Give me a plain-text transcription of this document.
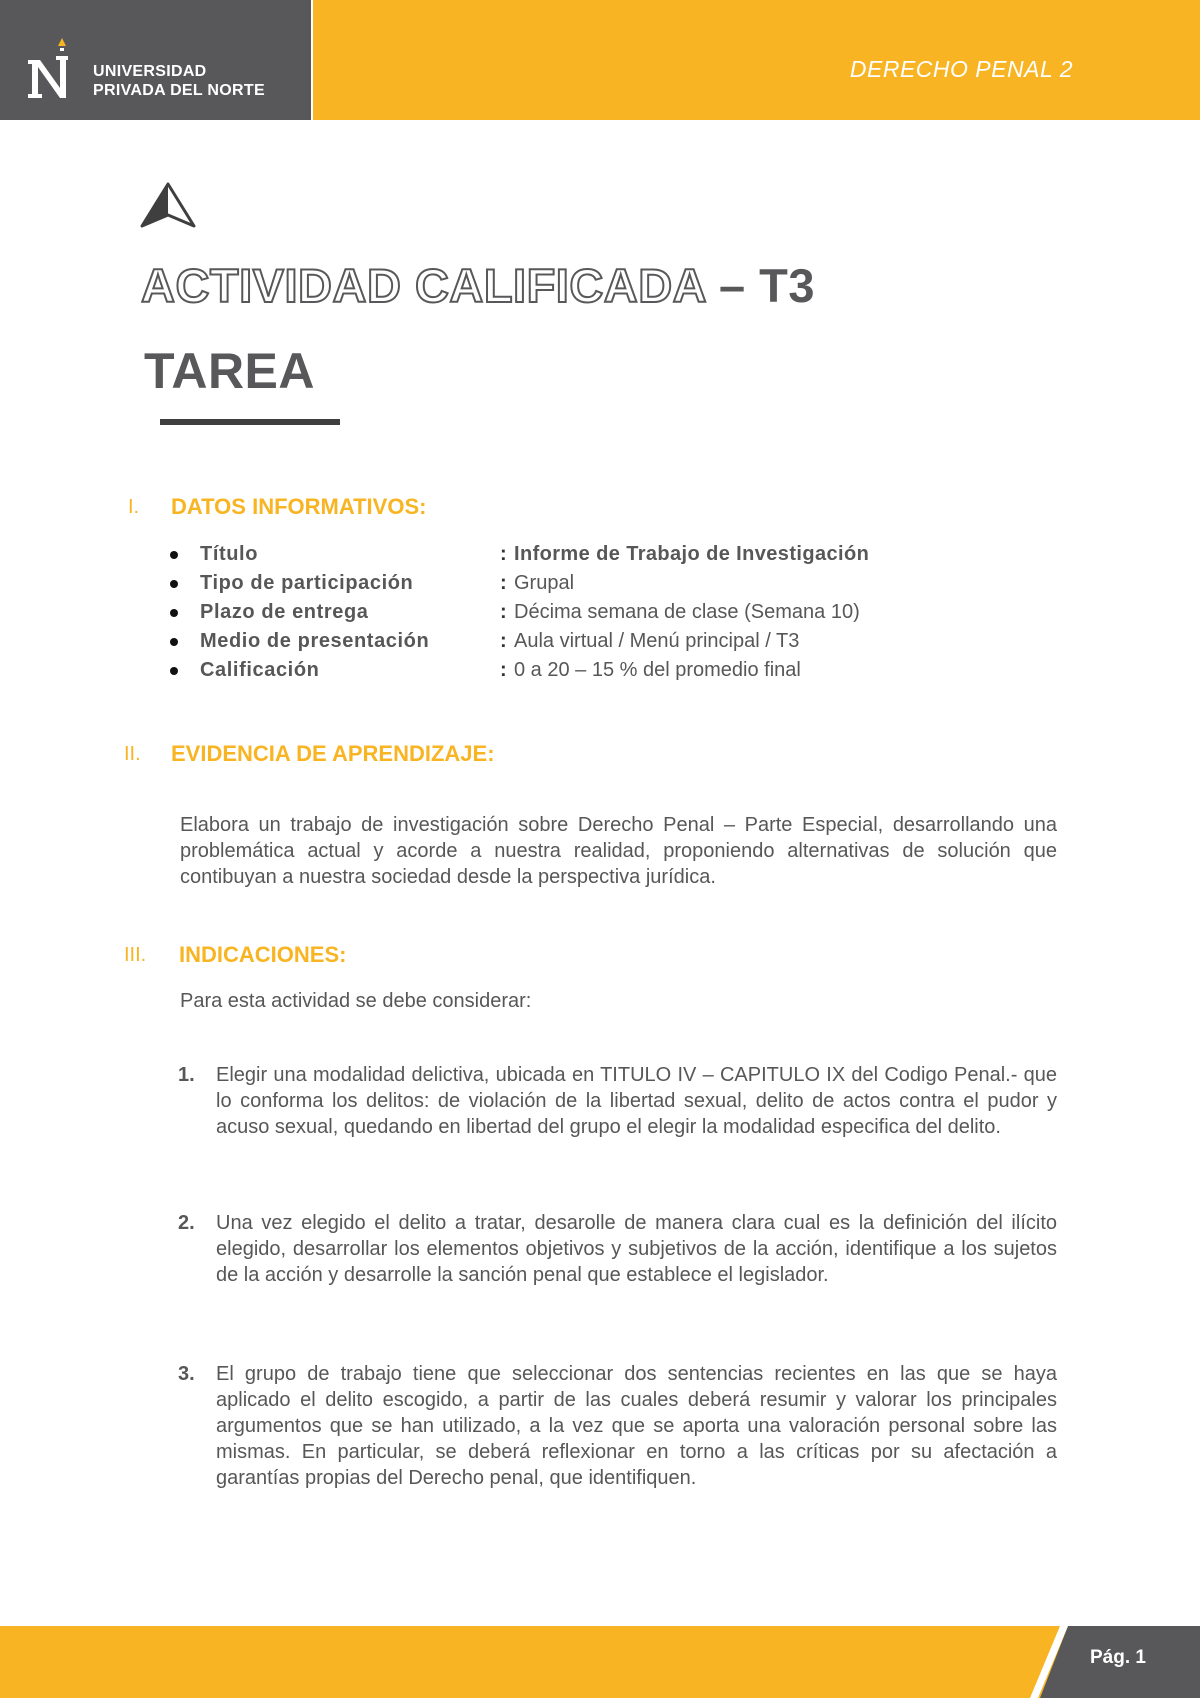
UNIVERSIDAD
PRIVADA DEL NORTE
DERECHO PENAL 2
ACTIVIDAD CALIFICADA – T3
TAREA
I. DATOS INFORMATIVOS:
Título	: Informe de Trabajo de Investigación
Tipo de participación	: Grupal
Plazo de entrega	: Décima semana de clase (Semana 10)
Medio de presentación	: Aula virtual / Menú principal / T3
Calificación	: 0 a 20 – 15 % del promedio final
II. EVIDENCIA DE APRENDIZAJE:
Elabora un trabajo de investigación sobre Derecho Penal – Parte Especial, desarrollando una problemática actual y acorde a nuestra realidad, proponiendo alternativas de solución que contibuyan a nuestra sociedad desde la perspectiva jurídica.
III. INDICACIONES:
Para esta actividad se debe considerar:
1. Elegir una modalidad delictiva, ubicada en TITULO IV – CAPITULO IX del Codigo Penal.- que lo conforma los delitos: de violación de la libertad sexual, delito de actos contra el pudor y acuso sexual, quedando en libertad del grupo el elegir la modalidad especifica del delito.
2. Una vez elegido el delito a tratar, desarolle de manera clara cual es la definición del ilícito elegido, desarrollar los elementos objetivos y subjetivos de la acción, identifique a los sujetos de la acción y desarrolle la sanción penal que establece el legislador.
3. El grupo de trabajo tiene que seleccionar dos sentencias recientes en las que se haya aplicado el delito escogido, a partir de las cuales deberá resumir y valorar los principales argumentos que se han utilizado, a la vez que se aporta una valoración personal sobre las mismas. En particular, se deberá reflexionar en torno a las críticas por su afectación a garantías propias del Derecho penal, que identifiquen.
Pág. 1
